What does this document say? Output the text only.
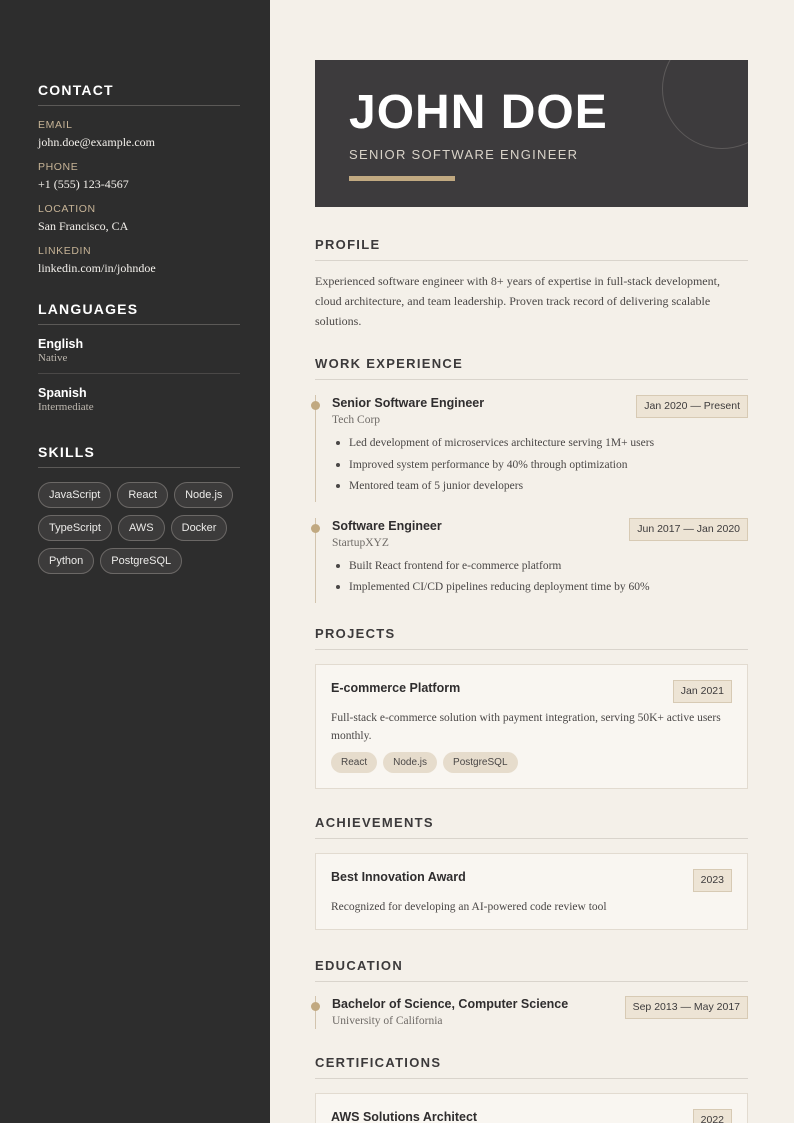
CONTACT
EMAIL
john.doe@example.com
PHONE
+1 (555) 123-4567
LOCATION
San Francisco, CA
LINKEDIN
linkedin.com/in/johndoe
LANGUAGES
English
Native
Spanish
Intermediate
SKILLS
JavaScript	React	Node.js
TypeScript	AWS	Docker
Python	PostgreSQL
JOHN DOE
SENIOR SOFTWARE ENGINEER
PROFILE

Experienced software engineer with 8+ years of expertise in full-stack development, cloud architecture, and team leadership. Proven track record of delivering scalable solutions.

WORK EXPERIENCE
Senior Software Engineer
Tech Corp
Jan 2020 — Present
Led development of microservices architecture serving 1M+ users
Improved system performance by 40% through optimization
Mentored team of 5 junior developers
Software Engineer
StartupXYZ
Jun 2017 — Jan 2020
Built React frontend for e-commerce platform
Implemented CI/CD pipelines reducing deployment time by 60%
PROJECTS
E-commerce Platform	Jan 2021

Full-stack e-commerce solution with payment integration, serving 50K+ active users monthly.

React	Node.js	PostgreSQL
ACHIEVEMENTS
Best Innovation Award	2023

Recognized for developing an AI-powered code review tool

EDUCATION
Bachelor of Science, Computer Science
University of California
Sep 2013 — May 2017
CERTIFICATIONS
AWS Solutions Architect	2022
